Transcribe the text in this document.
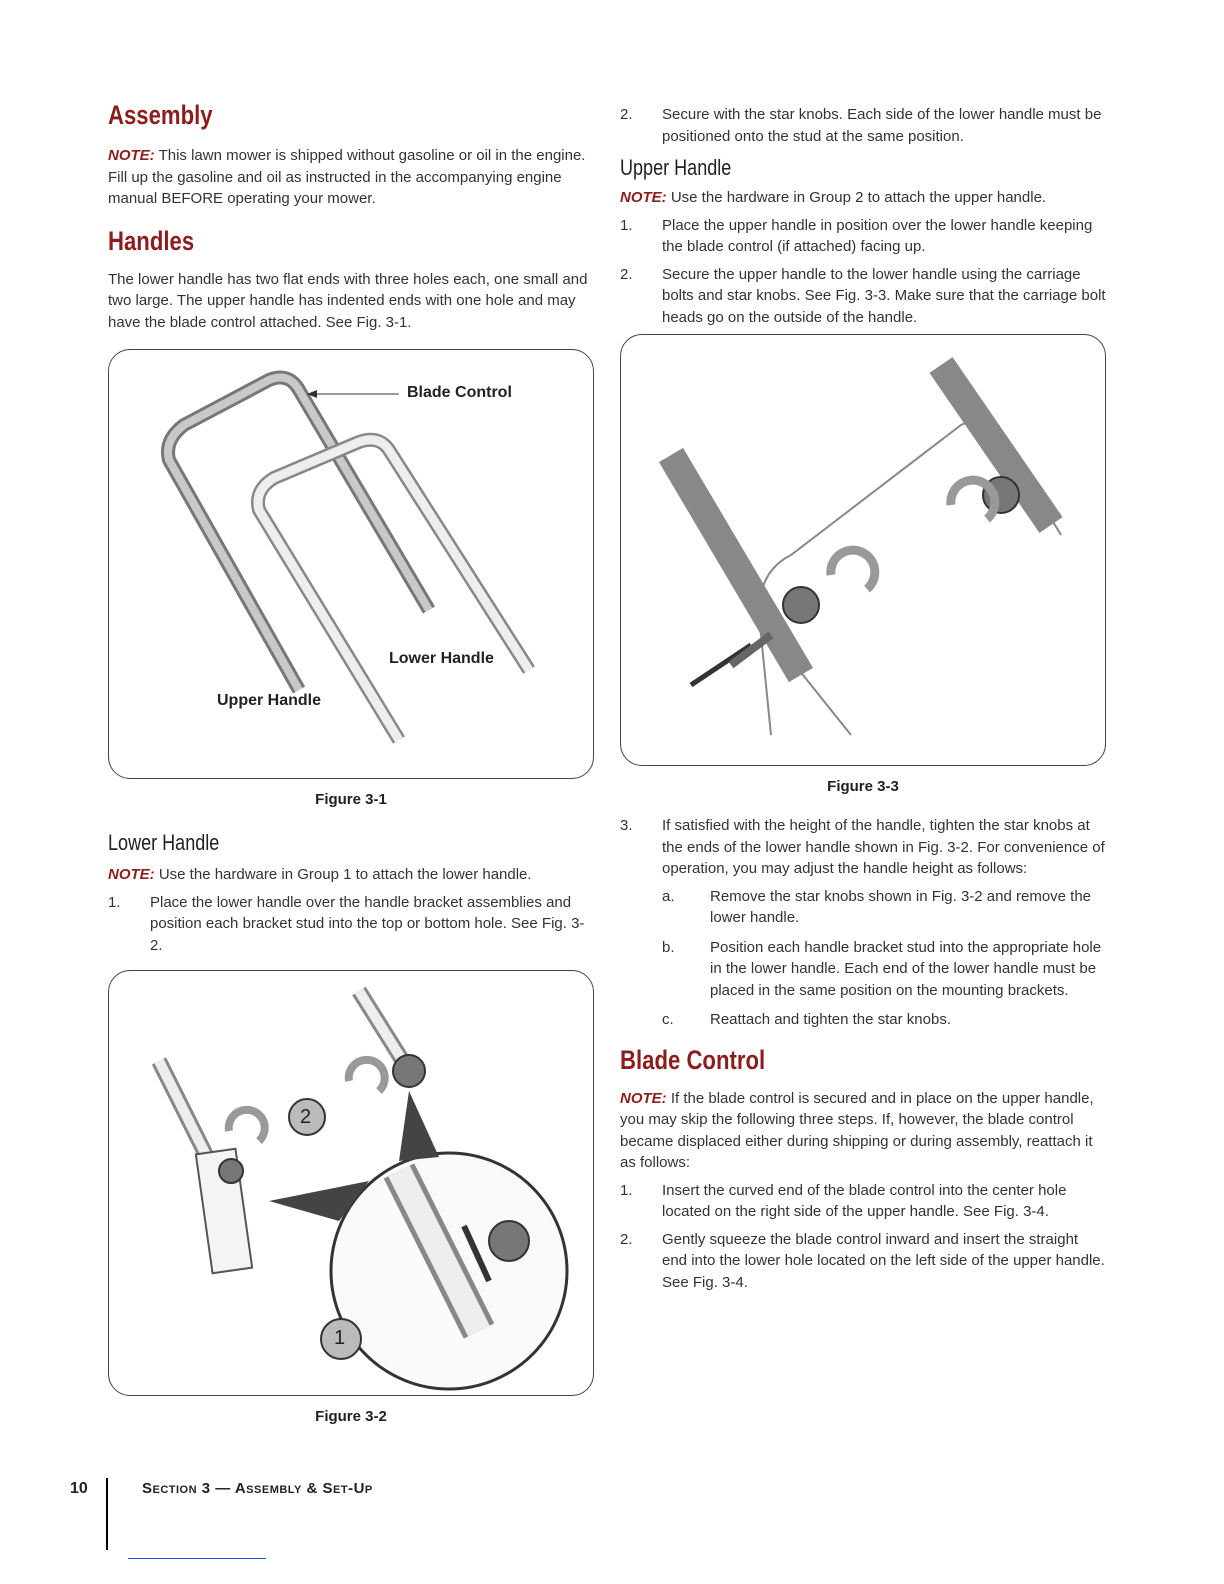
Assembly

NOTE: This lawn mower is shipped without gasoline or oil in the engine. Fill up the gasoline and oil as instructed in the accompanying engine manual BEFORE operating your mower.

Handles

The lower handle has two flat ends with three holes each, one small and two large. The upper handle has indented ends with one hole and may have the blade control attached. See Fig. 3-1.

Blade Control
Lower Handle
Upper Handle
Figure 3-1
Lower Handle

NOTE: Use the hardware in Group 1 to attach the lower handle.

1. Place the lower handle over the handle bracket assemblies and position each bracket stud into the top or bottom hole. See Fig. 3-2.
2
1
Figure 3-2
2. Secure with the star knobs. Each side of the lower handle must be positioned onto the stud at the same position.
Upper Handle

NOTE: Use the hardware in Group 2 to attach the upper handle.

1. Place the upper handle in position over the lower handle keeping the blade control (if attached) facing up.
2. Secure the upper handle to the lower handle using the carriage bolts and star knobs. See Fig. 3-3. Make sure that the carriage bolt heads go on the outside of the handle.
Figure 3-3
3. If satisfied with the height of the handle, tighten the star knobs at the ends of the lower handle shown in Fig. 3-2. For convenience of operation, you may adjust the handle height as follows:
a. Remove the star knobs shown in Fig. 3-2 and remove the lower handle.
b. Position each handle bracket stud into the appropriate hole in the lower handle. Each end of the lower handle must be placed in the same position on the mounting brackets.
c. Reattach and tighten the star knobs.
Blade Control

NOTE: If the blade control is secured and in place on the upper handle, you may skip the following three steps. If, however, the blade control became displaced either during shipping or during assembly, reattach it as follows:

1. Insert the curved end of the blade control into the center hole located on the right side of the upper handle. See Fig. 3-4.
2. Gently squeeze the blade control inward and insert the straight end into the lower hole located on the left side of the upper handle. See Fig. 3-4.
10	Section 3 — Assembly & Set-Up
